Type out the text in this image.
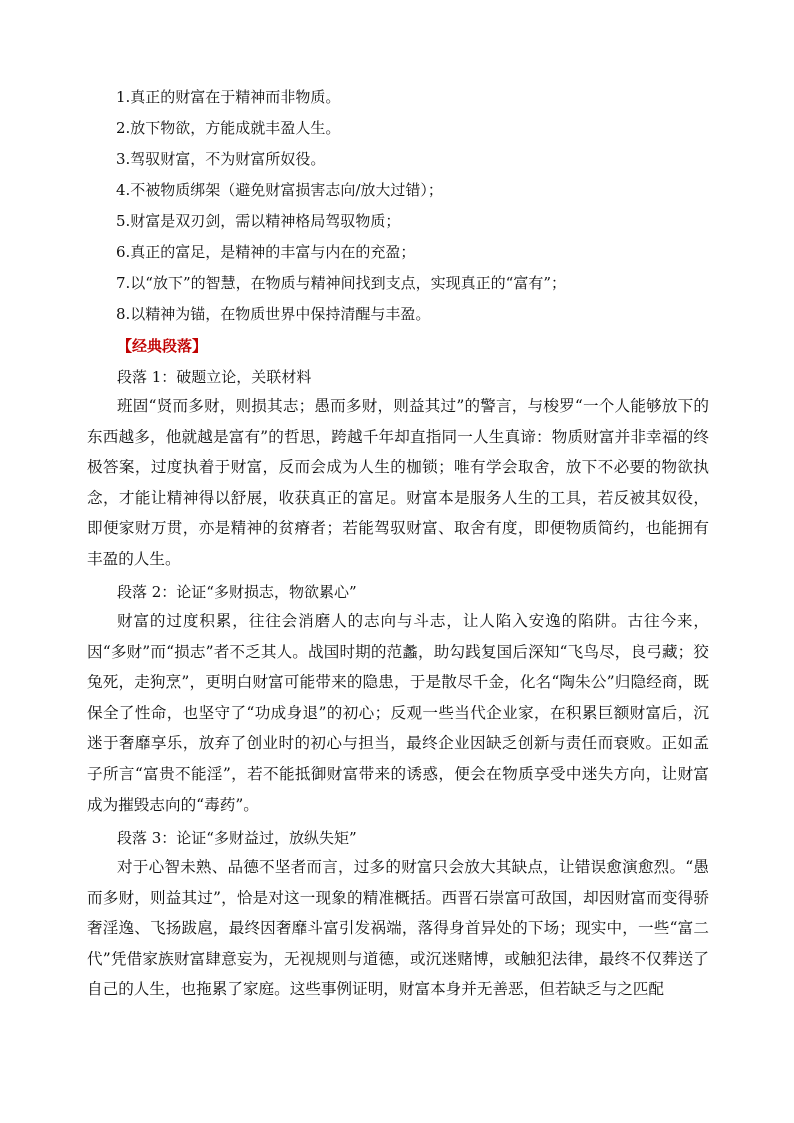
1.真正的财富在于精神而非物质。
2.放下物欲，方能成就丰盈人生。
3.驾驭财富，不为财富所奴役。
4.不被物质绑架（避免财富损害志向/放大过错）；
5.财富是双刃剑，需以精神格局驾驭物质；
6.真正的富足，是精神的丰富与内在的充盈；
7.以“放下”的智慧，在物质与精神间找到支点，实现真正的“富有”；
8.以精神为锚，在物质世界中保持清醒与丰盈。
【经典段落】
段落 1：破题立论，关联材料

班固“贤而多财，则损其志；愚而多财，则益其过”的警言，与梭罗“一个人能够放下的东西越多，他就越是富有”的哲思，跨越千年却直指同一人生真谛：物质财富并非幸福的终极答案，过度执着于财富，反而会成为人生的枷锁；唯有学会取舍，放下不必要的物欲执念，才能让精神得以舒展，收获真正的富足。财富本是服务人生的工具，若反被其奴役，即便家财万贯，亦是精神的贫瘠者；若能驾驭财富、取舍有度，即便物质简约，也能拥有丰盈的人生。

段落 2：论证“多财损志，物欲累心”

财富的过度积累，往往会消磨人的志向与斗志，让人陷入安逸的陷阱。古往今来，因“多财”而“损志”者不乏其人。战国时期的范蠡，助勾践复国后深知“飞鸟尽，良弓藏；狡兔死，走狗烹”，更明白财富可能带来的隐患，于是散尽千金，化名“陶朱公”归隐经商，既保全了性命，也坚守了“功成身退”的初心；反观一些当代企业家，在积累巨额财富后，沉迷于奢靡享乐，放弃了创业时的初心与担当，最终企业因缺乏创新与责任而衰败。正如孟子所言“富贵不能淫”，若不能抵御财富带来的诱惑，便会在物质享受中迷失方向，让财富成为摧毁志向的“毒药”。

段落 3：论证“多财益过，放纵失矩”

对于心智未熟、品德不坚者而言，过多的财富只会放大其缺点，让错误愈演愈烈。“愚而多财，则益其过”，恰是对这一现象的精准概括。西晋石崇富可敌国，却因财富而变得骄奢淫逸、飞扬跋扈，最终因奢靡斗富引发祸端，落得身首异处的下场；现实中，一些“富二代”凭借家族财富肆意妄为，无视规则与道德，或沉迷赌博，或触犯法律，最终不仅葬送了自己的人生，也拖累了家庭。这些事例证明，财富本身并无善恶，但若缺乏与之匹配
